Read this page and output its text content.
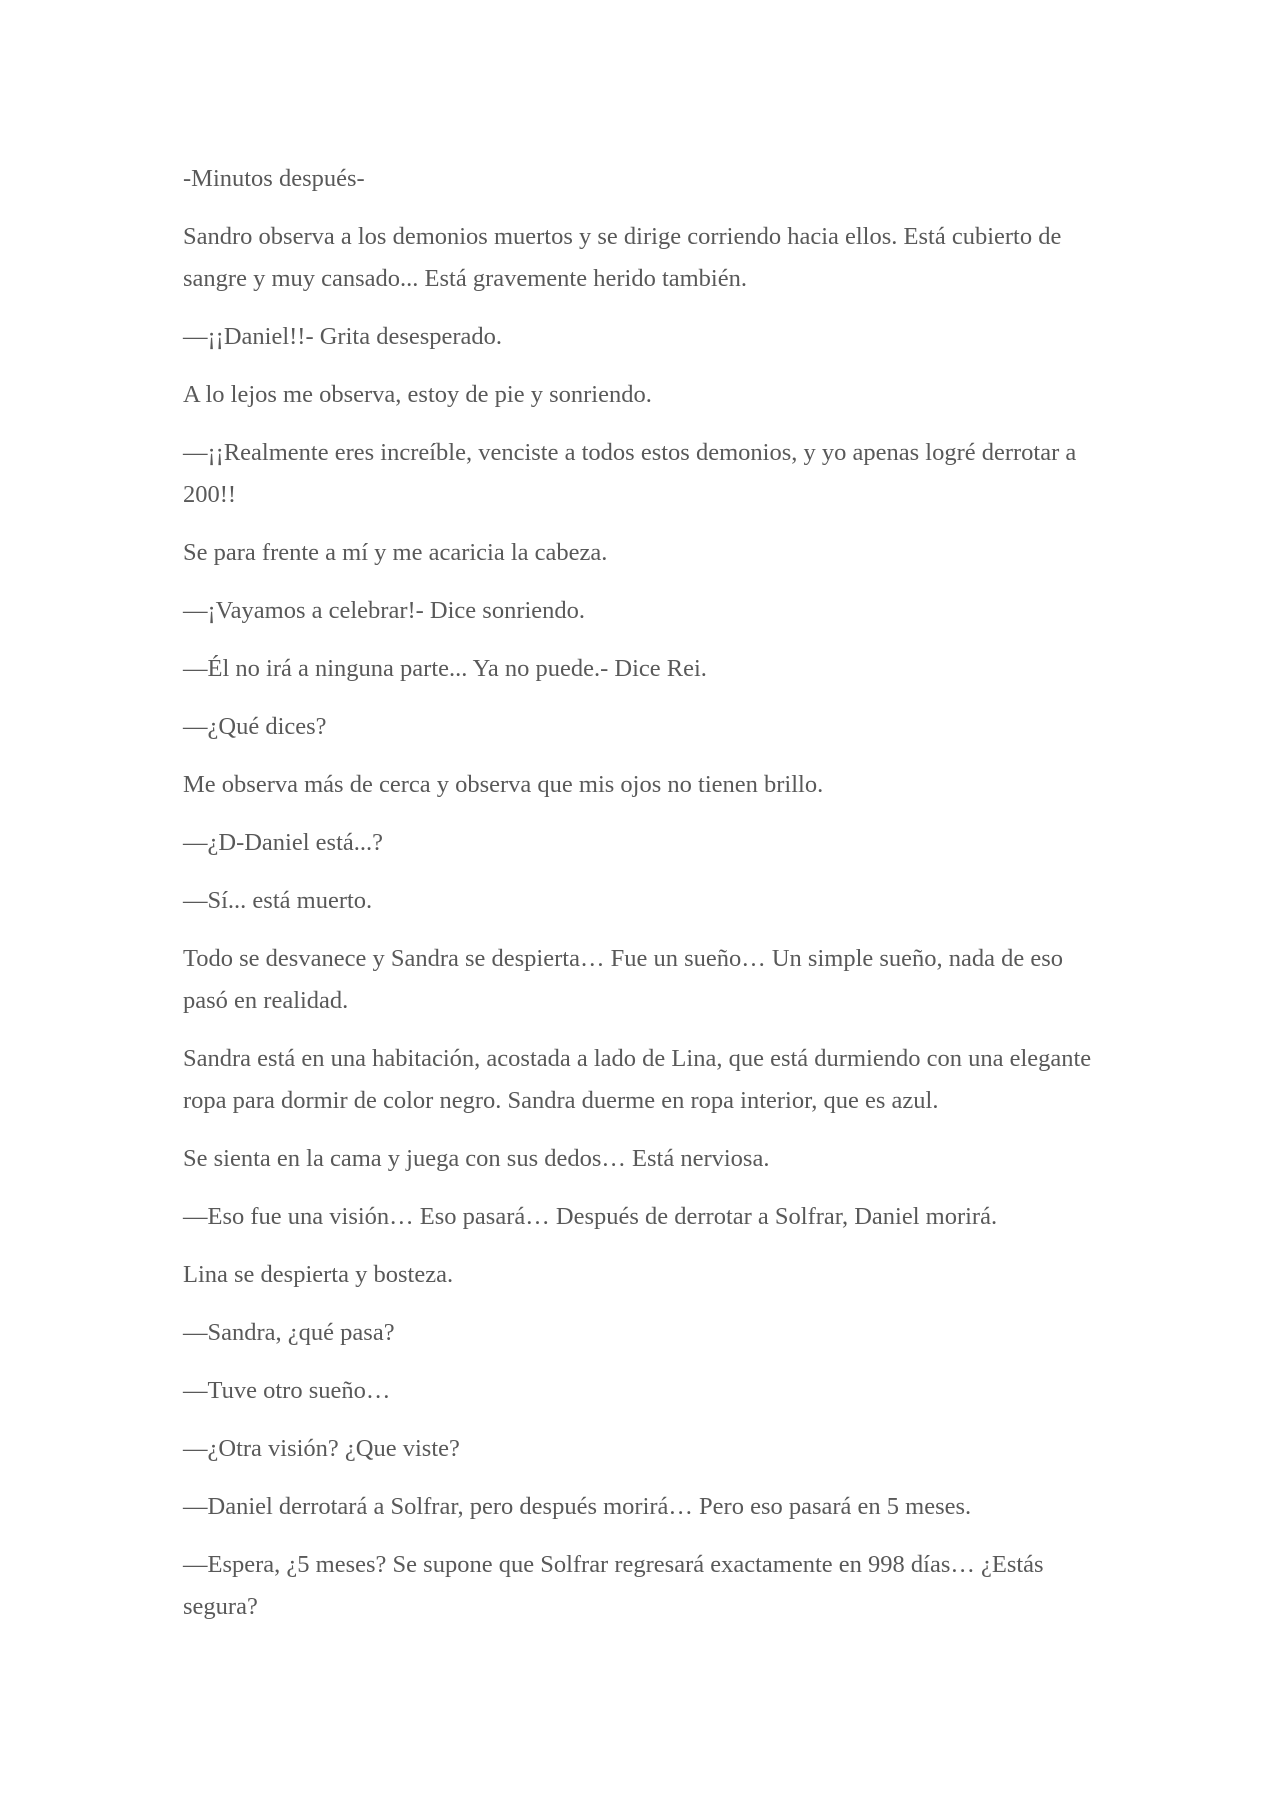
-Minutos después-

Sandro observa a los demonios muertos y se dirige corriendo hacia ellos. Está cubierto de sangre y muy cansado... Está gravemente herido también.

—¡¡Daniel!!- Grita desesperado.

A lo lejos me observa, estoy de pie y sonriendo.

—¡¡Realmente eres increíble, venciste a todos estos demonios, y yo apenas logré derrotar a 200!!

Se para frente a mí y me acaricia la cabeza.

—¡Vayamos a celebrar!- Dice sonriendo.

—Él no irá a ninguna parte... Ya no puede.- Dice Rei.

—¿Qué dices?

Me observa más de cerca y observa que mis ojos no tienen brillo.

—¿D-Daniel está...?

—Sí... está muerto.

Todo se desvanece y Sandra se despierta… Fue un sueño… Un simple sueño, nada de eso pasó en realidad.

Sandra está en una habitación, acostada a lado de Lina, que está durmiendo con una elegante ropa para dormir de color negro. Sandra duerme en ropa interior, que es azul.

Se sienta en la cama y juega con sus dedos… Está nerviosa.

—Eso fue una visión… Eso pasará… Después de derrotar a Solfrar, Daniel morirá.

Lina se despierta y bosteza.

—Sandra, ¿qué pasa?

—Tuve otro sueño…

—¿Otra visión? ¿Que viste?

—Daniel derrotará a Solfrar, pero después morirá… Pero eso pasará en 5 meses.

—Espera, ¿5 meses? Se supone que Solfrar regresará exactamente en 998 días… ¿Estás segura?
